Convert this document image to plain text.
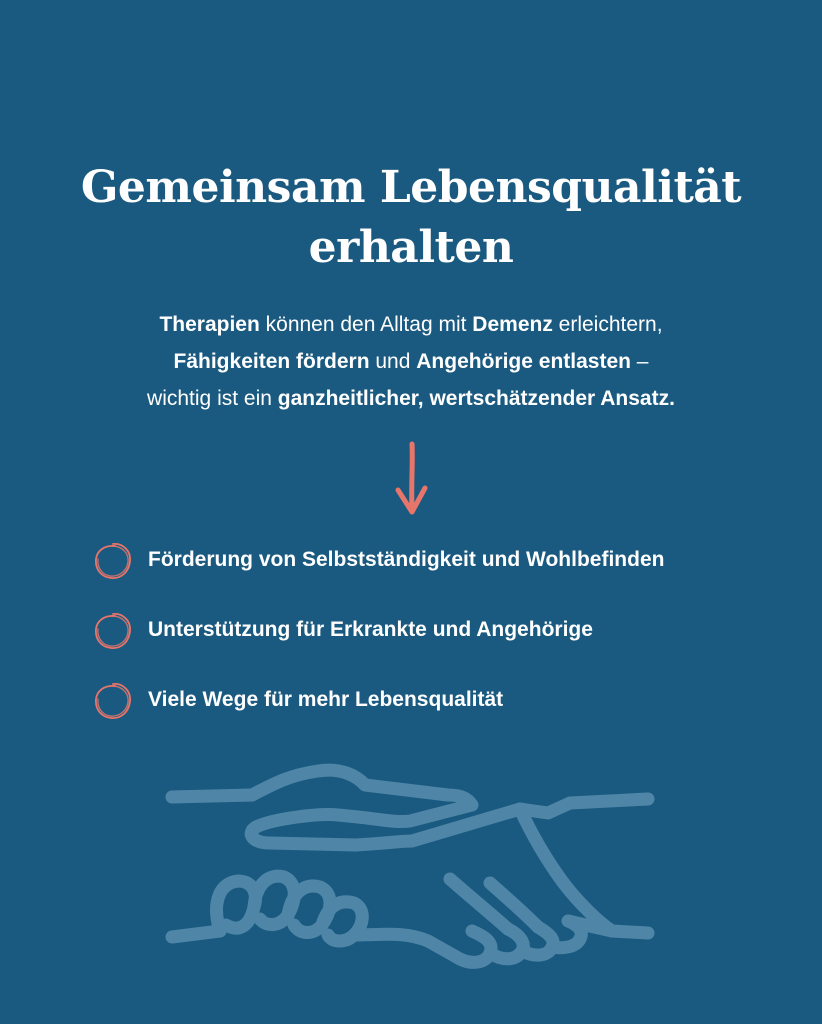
Gemeinsam Lebensqualität
erhalten

Therapien können den Alltag mit Demenz erleichtern,
Fähigkeiten fördern und Angehörige entlasten –
wichtig ist ein ganzheitlicher, wertschätzender Ansatz.

Förderung von Selbstständigkeit und Wohlbefinden
Unterstützung für Erkrankte und Angehörige
Viele Wege für mehr Lebensqualität
